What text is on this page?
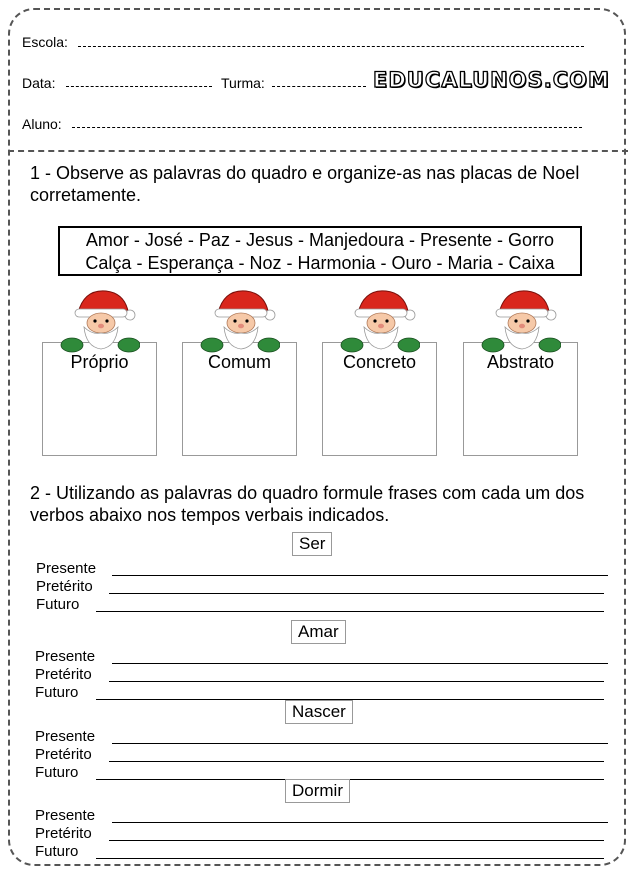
Escola:
Data:	Turma:	EDUCALUNOS.COM
Aluno:
1 - Observe as palavras do quadro e organize-as nas placas de Noel corretamente.
Amor - José - Paz - Jesus - Manjedoura - Presente - Gorro
Calça - Esperança - Noz - Harmonia - Ouro - Maria - Caixa
Próprio	Comum	Concreto	Abstrato
2 - Utilizando as palavras do quadro formule frases com cada um dos verbos abaixo nos tempos verbais indicados.
Ser
Presente
Pretérito
Futuro
Amar
Presente
Pretérito
Futuro
Nascer
Presente
Pretérito
Futuro
Dormir
Presente
Pretérito
Futuro
